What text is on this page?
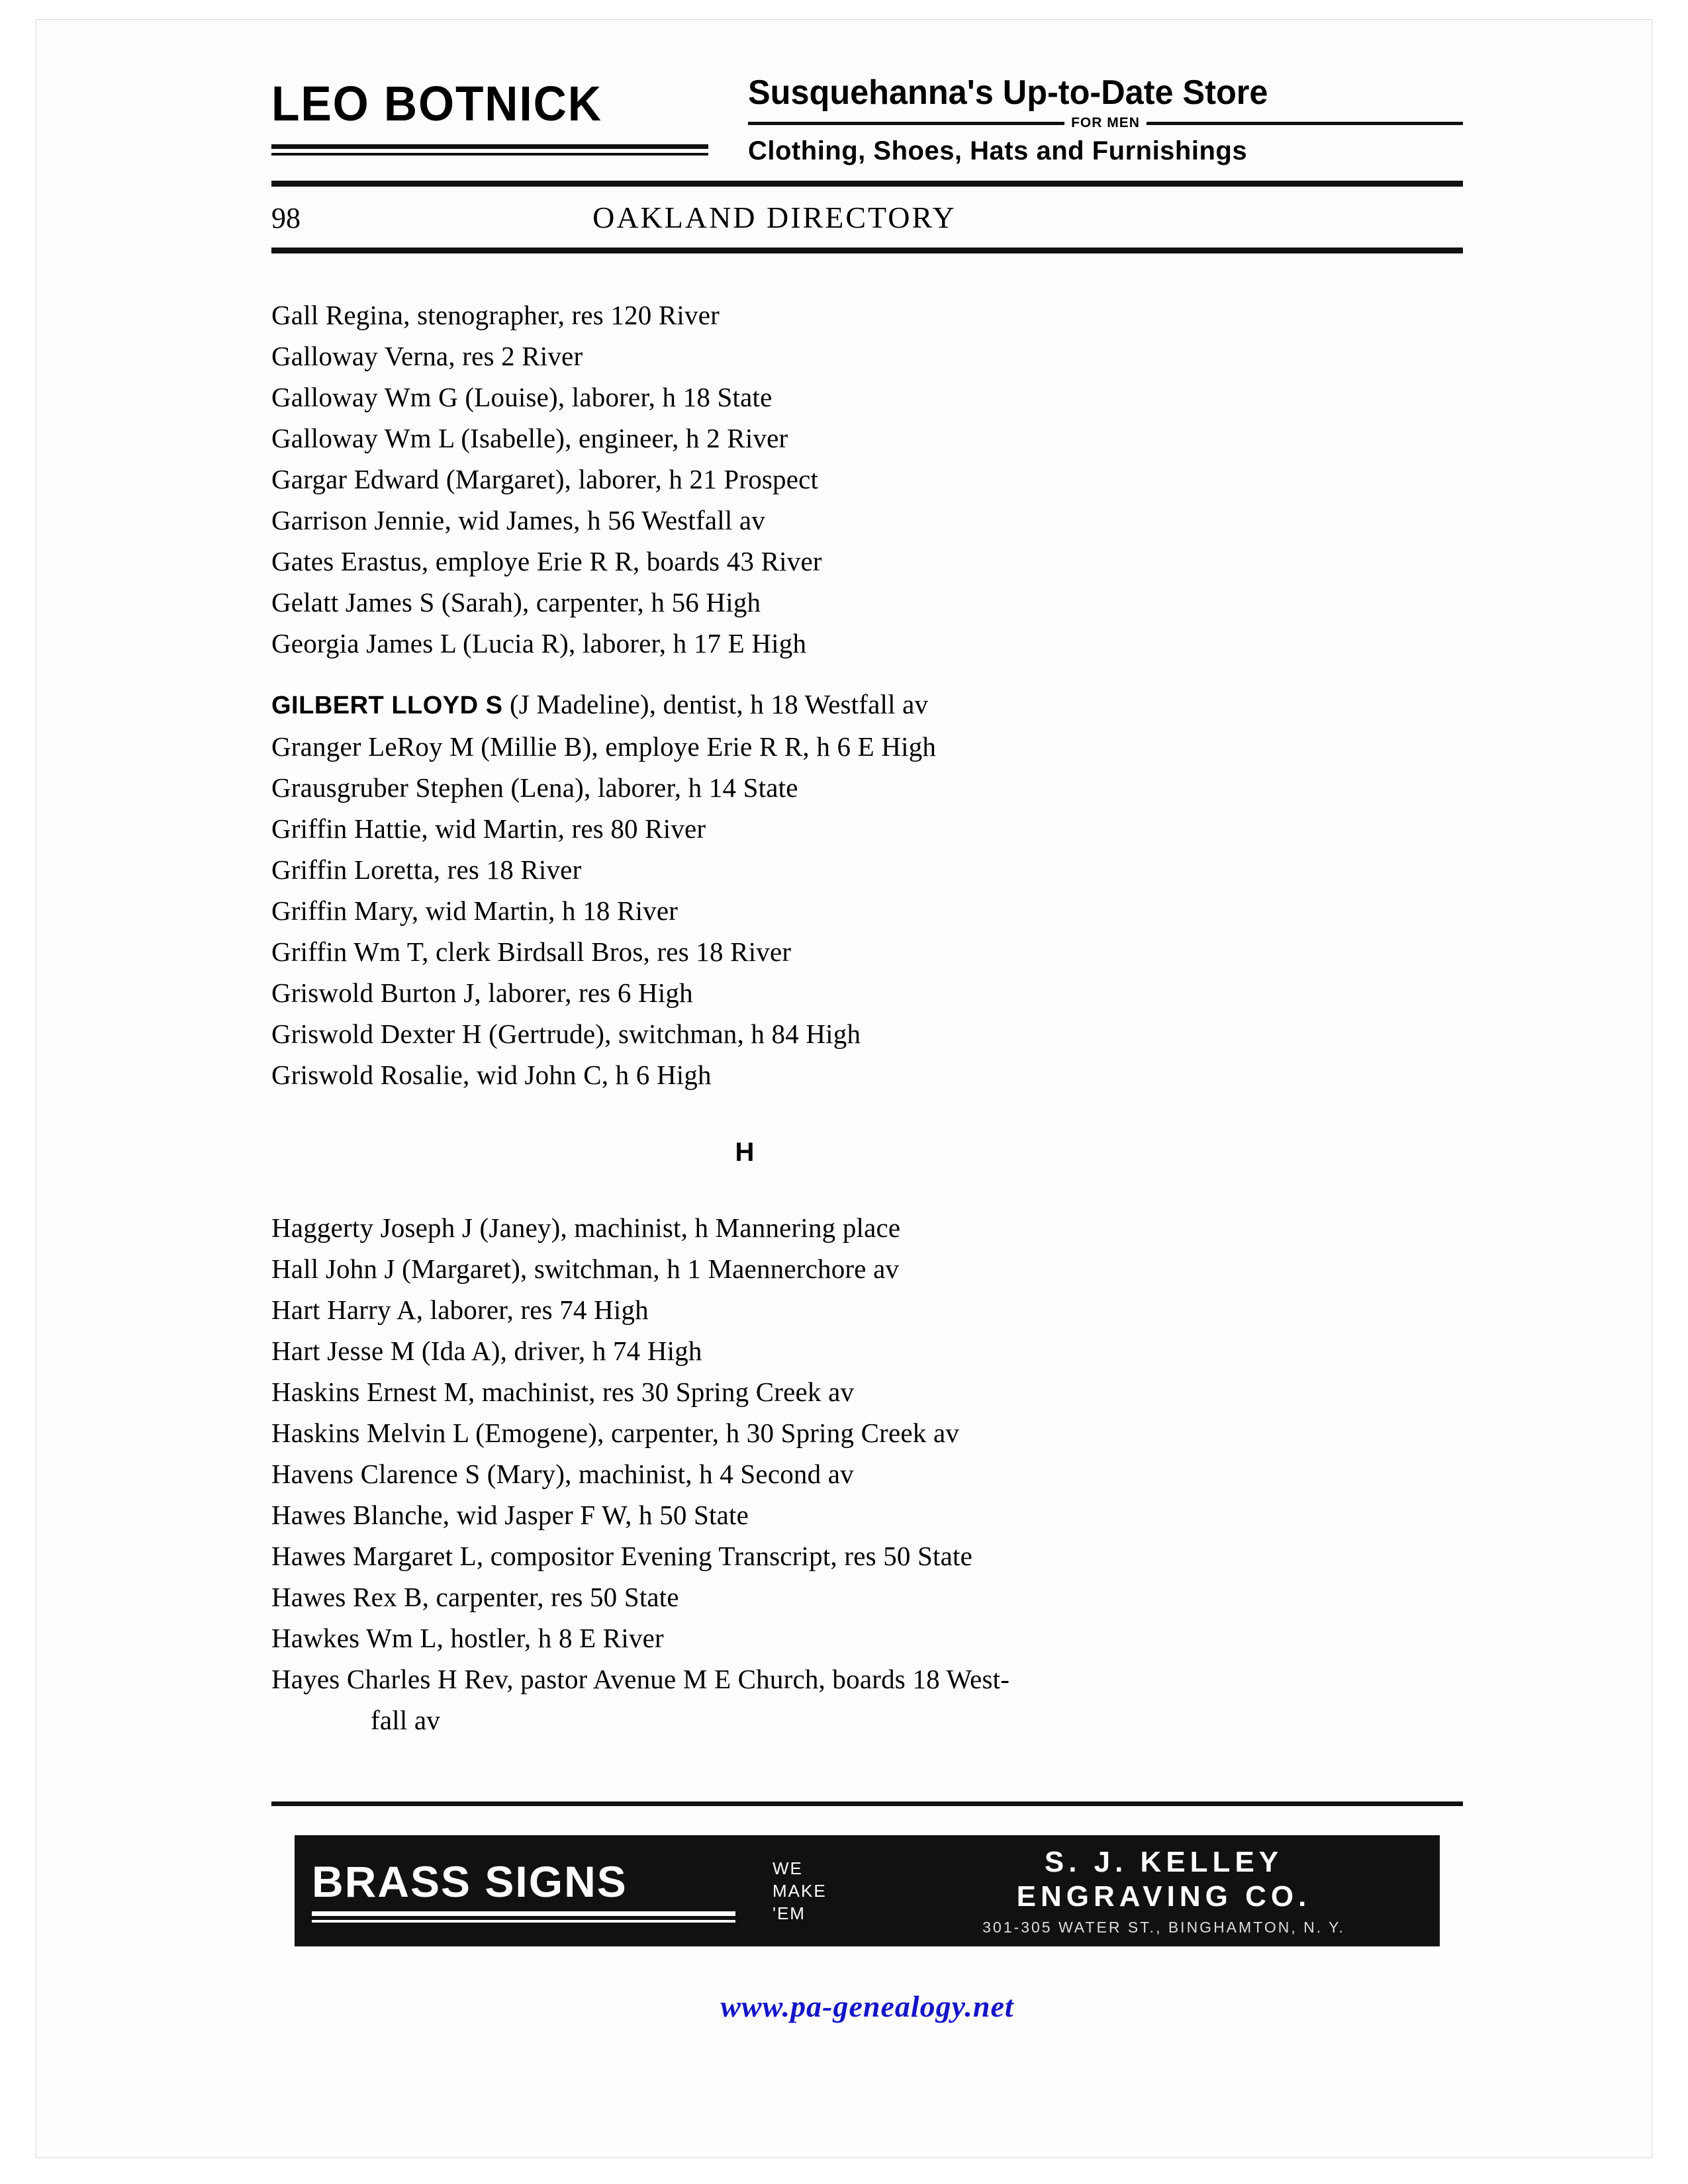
LEO BOTNICK	Susquehanna's Up-to-Date Store
FOR MEN
Clothing, Shoes, Hats and Furnishings
98	OAKLAND DIRECTORY
Gall Regina, stenographer, res 120 River
Galloway Verna, res 2 River
Galloway Wm G (Louise), laborer, h 18 State
Galloway Wm L (Isabelle), engineer, h 2 River
Gargar Edward (Margaret), laborer, h 21 Prospect
Garrison Jennie, wid James, h 56 Westfall av
Gates Erastus, employe Erie R R, boards 43 River
Gelatt James S (Sarah), carpenter, h 56 High
Georgia James L (Lucia R), laborer, h 17 E High
GILBERT LLOYD S (J Madeline), dentist, h 18 Westfall av
Granger LeRoy M (Millie B), employe Erie R R, h 6 E High
Grausgruber Stephen (Lena), laborer, h 14 State
Griffin Hattie, wid Martin, res 80 River
Griffin Loretta, res 18 River
Griffin Mary, wid Martin, h 18 River
Griffin Wm T, clerk Birdsall Bros, res 18 River
Griswold Burton J, laborer, res 6 High
Griswold Dexter H (Gertrude), switchman, h 84 High
Griswold Rosalie, wid John C, h 6 High
H
Haggerty Joseph J (Janey), machinist, h Mannering place
Hall John J (Margaret), switchman, h 1 Maennerchore av
Hart Harry A, laborer, res 74 High
Hart Jesse M (Ida A), driver, h 74 High
Haskins Ernest M, machinist, res 30 Spring Creek av
Haskins Melvin L (Emogene), carpenter, h 30 Spring Creek av
Havens Clarence S (Mary), machinist, h 4 Second av
Hawes Blanche, wid Jasper F W, h 50 State
Hawes Margaret L, compositor Evening Transcript, res 50 State
Hawes Rex B, carpenter, res 50 State
Hawkes Wm L, hostler, h 8 E River
Hayes Charles H Rev, pastor Avenue M E Church, boards 18 West-
fall av
BRASS SIGNS	WE
MAKE
'EM
S. J. KELLEY
ENGRAVING CO.
301-305 WATER ST., BINGHAMTON, N. Y.
www.pa-genealogy.net
